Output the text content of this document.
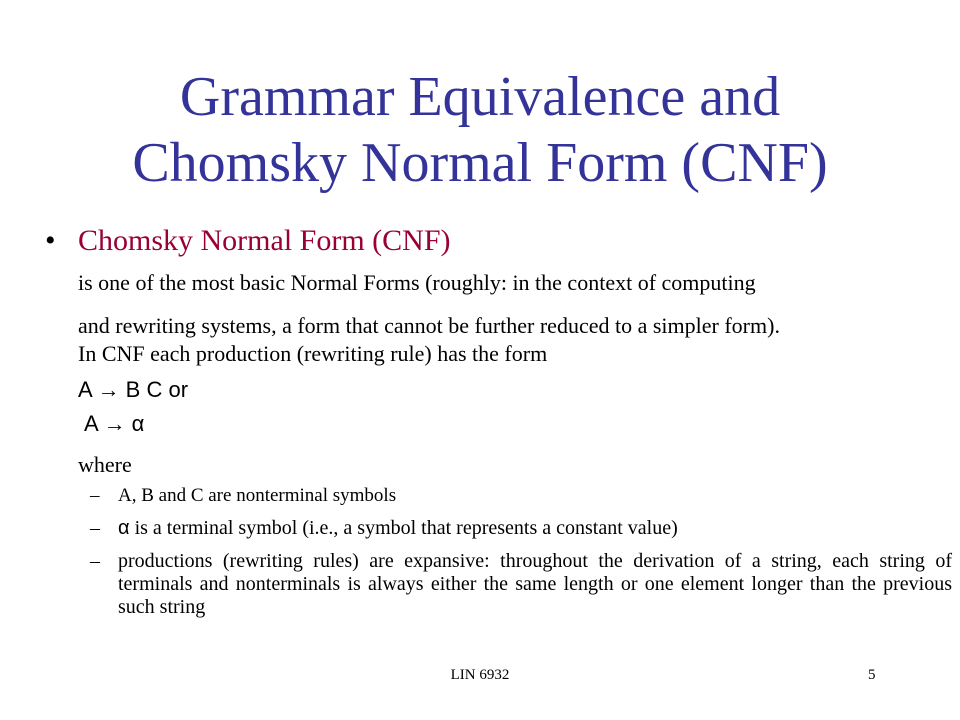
Grammar Equivalence and
Chomsky Normal Form (CNF)
• Chomsky Normal Form (CNF)
is one of the most basic Normal Forms (roughly: in the context of computing
and rewriting systems, a form that cannot be further reduced to a simpler form).
In CNF each production (rewriting rule) has the form
A → B C or
A → α
where
– A, B and C are nonterminal symbols
– α is a terminal symbol (i.e., a symbol that represents a constant value)
– productions (rewriting rules) are expansive: throughout the derivation of a string, each string of terminals and nonterminals is always either the same length or one element longer than the previous such string
LIN 6932	5
